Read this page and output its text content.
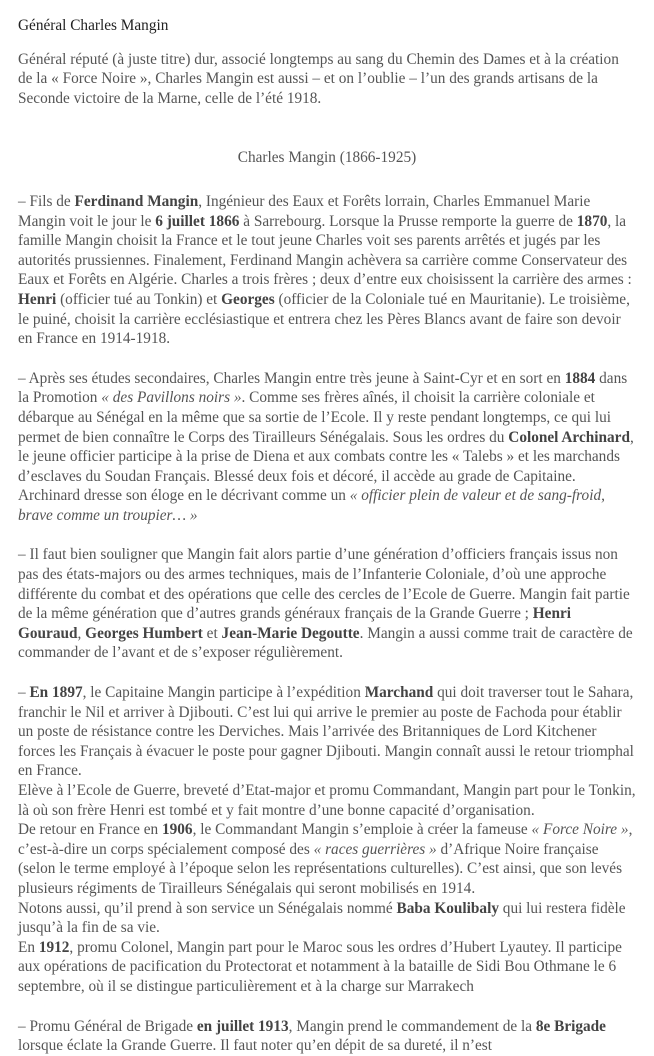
Général Charles Mangin

Général réputé (à juste titre) dur, associé longtemps au sang du Chemin des Dames et à la création de la « Force Noire », Charles Mangin est aussi – et on l’oublie – l’un des grands artisans de la Seconde victoire de la Marne, celle de l’été 1918.

Charles Mangin (1866-1925)

– Fils de Ferdinand Mangin, Ingénieur des Eaux et Forêts lorrain, Charles Emmanuel Marie Mangin voit le jour le 6 juillet 1866 à Sarrebourg. Lorsque la Prusse remporte la guerre de 1870, la famille Mangin choisit la France et le tout jeune Charles voit ses parents arrêtés et jugés par les autorités prussiennes. Finalement, Ferdinand Mangin achèvera sa carrière comme Conservateur des Eaux et Forêts en Algérie. Charles a trois frères ; deux d’entre eux choisissent la carrière des armes : Henri (officier tué au Tonkin) et Georges (officier de la Coloniale tué en Mauritanie). Le troisième, le puiné, choisit la carrière ecclésiastique et entrera chez les Pères Blancs avant de faire son devoir en France en 1914-1918.

– Après ses études secondaires, Charles Mangin entre très jeune à Saint-Cyr et en sort en 1884 dans la Promotion « des Pavillons noirs ». Comme ses frères aînés, il choisit la carrière coloniale et débarque au Sénégal en la même que sa sortie de l’Ecole. Il y reste pendant longtemps, ce qui lui permet de bien connaître le Corps des Tirailleurs Sénégalais. Sous les ordres du Colonel Archinard, le jeune officier participe à la prise de Diena et aux combats contre les « Talebs » et les marchands d’esclaves du Soudan Français. Blessé deux fois et décoré, il accède au grade de Capitaine. Archinard dresse son éloge en le décrivant comme un « officier plein de valeur et de sang-froid, brave comme un troupier… »

– Il faut bien souligner que Mangin fait alors partie d’une génération d’officiers français issus non pas des états-majors ou des armes techniques, mais de l’Infanterie Coloniale, d’où une approche différente du combat et des opérations que celle des cercles de l’Ecole de Guerre. Mangin fait partie de la même génération que d’autres grands généraux français de la Grande Guerre ; Henri Gouraud, Georges Humbert et Jean-Marie Degoutte. Mangin a aussi comme trait de caractère de commander de l’avant et de s’exposer régulièrement.

– En 1897, le Capitaine Mangin participe à l’expédition Marchand qui doit traverser tout le Sahara, franchir le Nil et arriver à Djibouti. C’est lui qui arrive le premier au poste de Fachoda pour établir un poste de résistance contre les Derviches. Mais l’arrivée des Britanniques de Lord Kitchener forces les Français à évacuer le poste pour gagner Djibouti. Mangin connaît aussi le retour triomphal en France.

Elève à l’Ecole de Guerre, breveté d’Etat-major et promu Commandant, Mangin part pour le Tonkin, là où son frère Henri est tombé et y fait montre d’une bonne capacité d’organisation.

De retour en France en 1906, le Commandant Mangin s’emploie à créer la fameuse « Force Noire », c’est-à-dire un corps spécialement composé des « races guerrières » d’Afrique Noire française (selon le terme employé à l’époque selon les représentations culturelles). C’est ainsi, que son levés plusieurs régiments de Tirailleurs Sénégalais qui seront mobilisés en 1914.

Notons aussi, qu’il prend à son service un Sénégalais nommé Baba Koulibaly qui lui restera fidèle jusqu’à la fin de sa vie.

En 1912, promu Colonel, Mangin part pour le Maroc sous les ordres d’Hubert Lyautey. Il participe aux opérations de pacification du Protectorat et notamment à la bataille de Sidi Bou Othmane le 6 septembre, où il se distingue particulièrement et à la charge sur Marrakech

– Promu Général de Brigade en juillet 1913, Mangin prend le commandement de la 8e Brigade lorsque éclate la Grande Guerre. Il faut noter qu’en dépit de sa dureté, il n’est
